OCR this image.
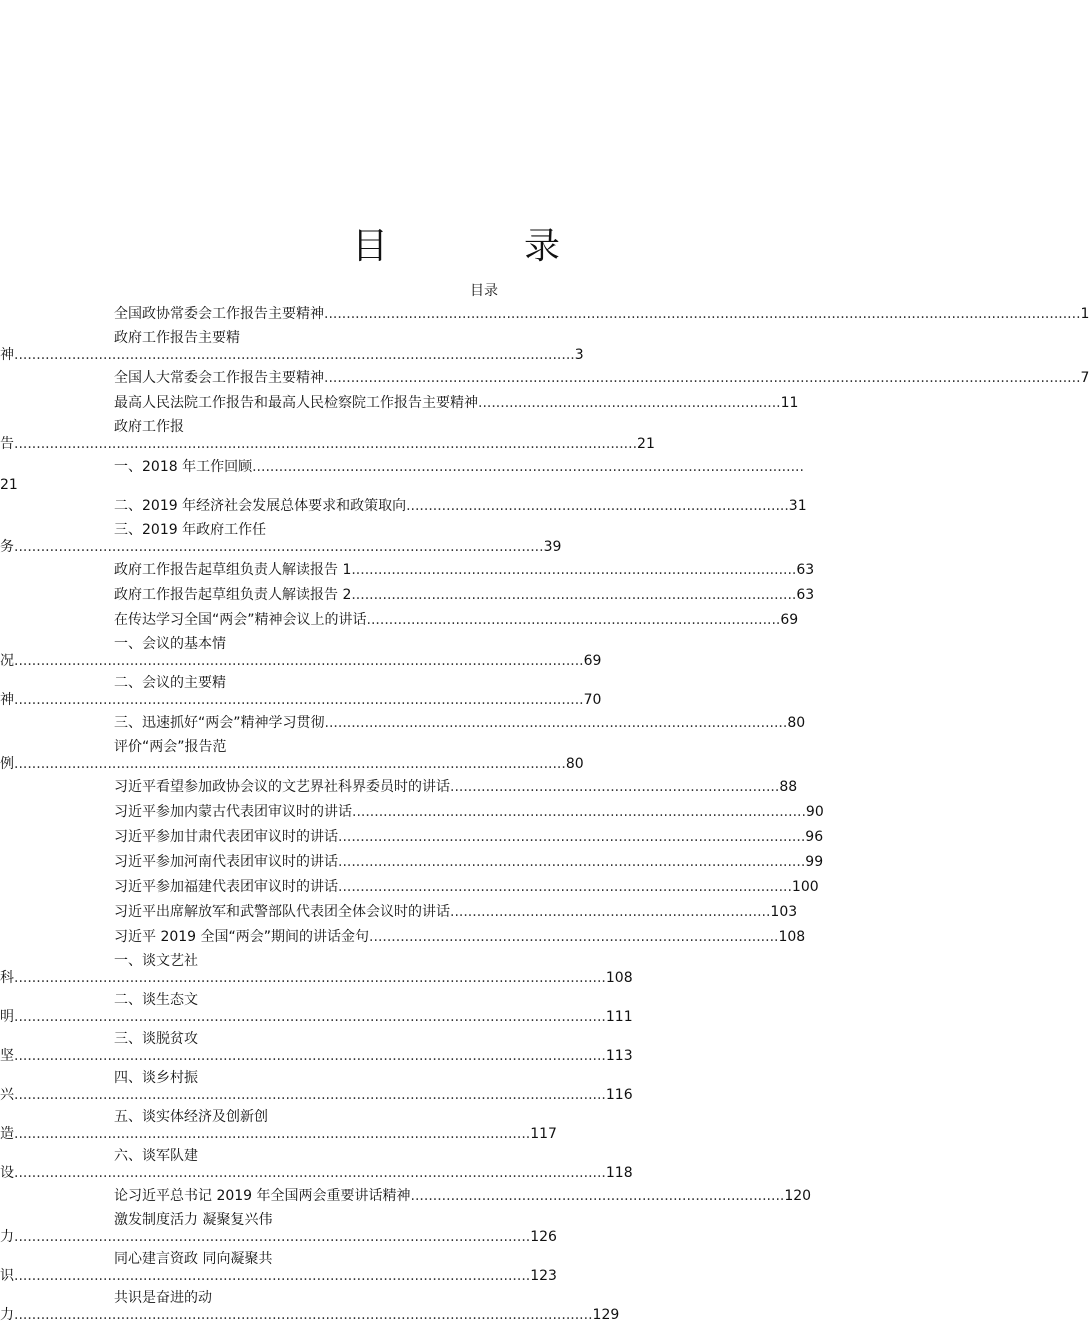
目　录
目录
全国政协常委会工作报告主要精神..........................................................................................................................................................................1
政府工作报告主要精
神..............................................................................................................................3
全国人大常委会工作报告主要精神..........................................................................................................................................................................7
最高人民法院工作报告和最高人民检察院工作报告主要精神....................................................................11
政府工作报
告............................................................................................................................................21
一、2018 年工作回顾............................................................................................................................
21
二、2019 年经济社会发展总体要求和政策取向......................................................................................31
三、2019 年政府工作任
务.......................................................................................................................39
政府工作报告起草组负责人解读报告 1....................................................................................................63
政府工作报告起草组负责人解读报告 2....................................................................................................63
在传达学习全国“两会”精神会议上的讲话.............................................................................................69
一、会议的基本情
况................................................................................................................................69
二、会议的主要精
神................................................................................................................................70
三、迅速抓好“两会”精神学习贯彻........................................................................................................80
评价“两会”报告范
例............................................................................................................................80
习近平看望参加政协会议的文艺界社科界委员时的讲话..........................................................................88
习近平参加内蒙古代表团审议时的讲话......................................................................................................90
习近平参加甘肃代表团审议时的讲话.........................................................................................................96
习近平参加河南代表团审议时的讲话.........................................................................................................99
习近平参加福建代表团审议时的讲话......................................................................................................100
习近平出席解放军和武警部队代表团全体会议时的讲话........................................................................103
习近平 2019 全国“两会”期间的讲话金句............................................................................................108
一、谈文艺社
科.....................................................................................................................................108
二、谈生态文
明.....................................................................................................................................111
三、谈脱贫攻
坚.....................................................................................................................................113
四、谈乡村振
兴.....................................................................................................................................116
五、谈实体经济及创新创
造....................................................................................................................117
六、谈军队建
设.....................................................................................................................................118
论习近平总书记 2019 年全国两会重要讲话精神....................................................................................120
激发制度活力 凝聚复兴伟
力....................................................................................................................126
同心建言资政 同向凝聚共
识....................................................................................................................123
共识是奋进的动
力..................................................................................................................................129
